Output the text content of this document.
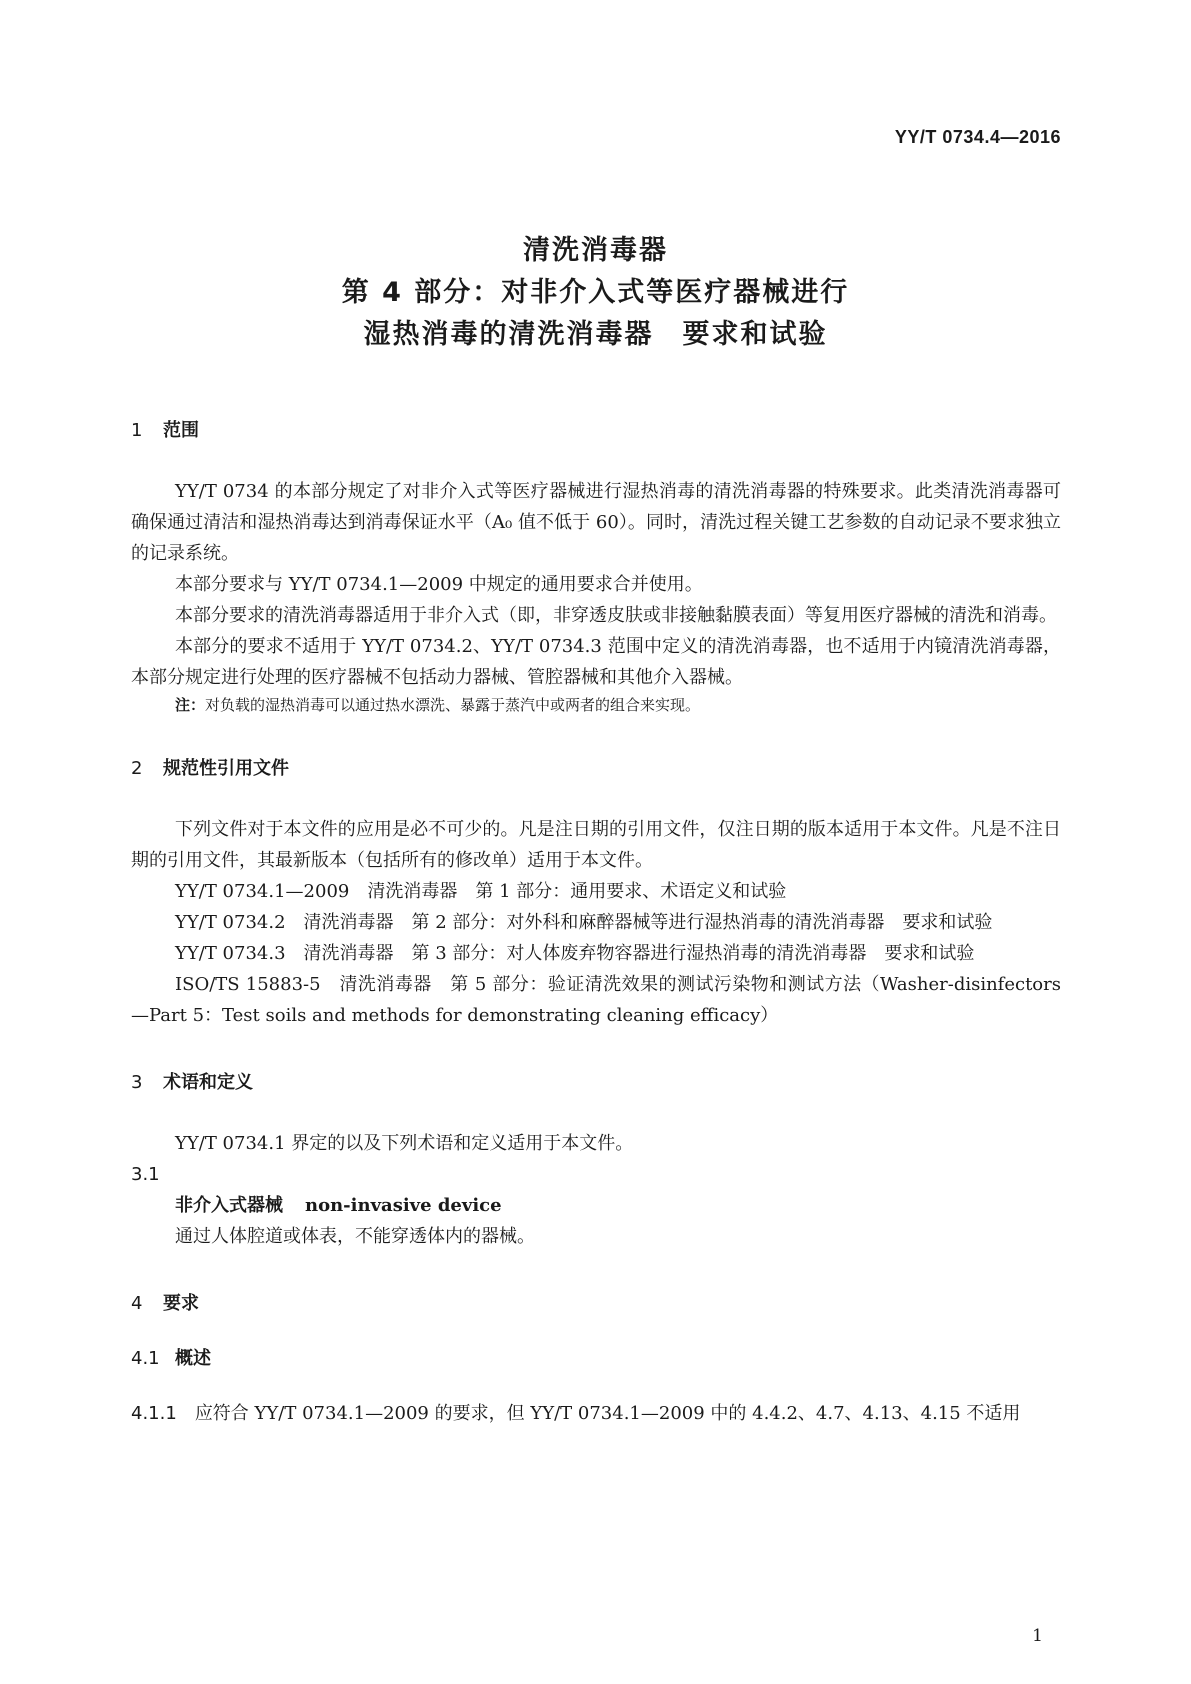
YY/T 0734.4—2016
清洗消毒器
第 4 部分：对非介入式等医疗器械进行
湿热消毒的清洗消毒器　要求和试验
1 范围

YY/T 0734 的本部分规定了对非介入式等医疗器械进行湿热消毒的清洗消毒器的特殊要求。此类清洗消毒器可确保通过清洁和湿热消毒达到消毒保证水平（A₀ 值不低于 60）。同时，清洗过程关键工艺参数的自动记录不要求独立的记录系统。

本部分要求与 YY/T 0734.1—2009 中规定的通用要求合并使用。

本部分要求的清洗消毒器适用于非介入式（即，非穿透皮肤或非接触黏膜表面）等复用医疗器械的清洗和消毒。

本部分的要求不适用于 YY/T 0734.2、YY/T 0734.3 范围中定义的清洗消毒器，也不适用于内镜清洗消毒器，本部分规定进行处理的医疗器械不包括动力器械、管腔器械和其他介入器械。

注：对负载的湿热消毒可以通过热水漂洗、暴露于蒸汽中或两者的组合来实现。

2 规范性引用文件

下列文件对于本文件的应用是必不可少的。凡是注日期的引用文件，仅注日期的版本适用于本文件。凡是不注日期的引用文件，其最新版本（包括所有的修改单）适用于本文件。

YY/T 0734.1—2009　清洗消毒器　第 1 部分：通用要求、术语定义和试验

YY/T 0734.2　清洗消毒器　第 2 部分：对外科和麻醉器械等进行湿热消毒的清洗消毒器　要求和试验

YY/T 0734.3　清洗消毒器　第 3 部分：对人体废弃物容器进行湿热消毒的清洗消毒器　要求和试验

ISO/TS 15883-5　清洗消毒器　第 5 部分：验证清洗效果的测试污染物和测试方法（Washer-disinfectors—Part 5：Test soils and methods for demonstrating cleaning efficacy）

3 术语和定义

YY/T 0734.1 界定的以及下列术语和定义适用于本文件。

3.1

非介入式器械 non-invasive device

通过人体腔道或体表，不能穿透体内的器械。

4 要求
4.1 概述

4.1.1 应符合 YY/T 0734.1—2009 的要求，但 YY/T 0734.1—2009 中的 4.4.2、4.7、4.13、4.15 不适用

1
